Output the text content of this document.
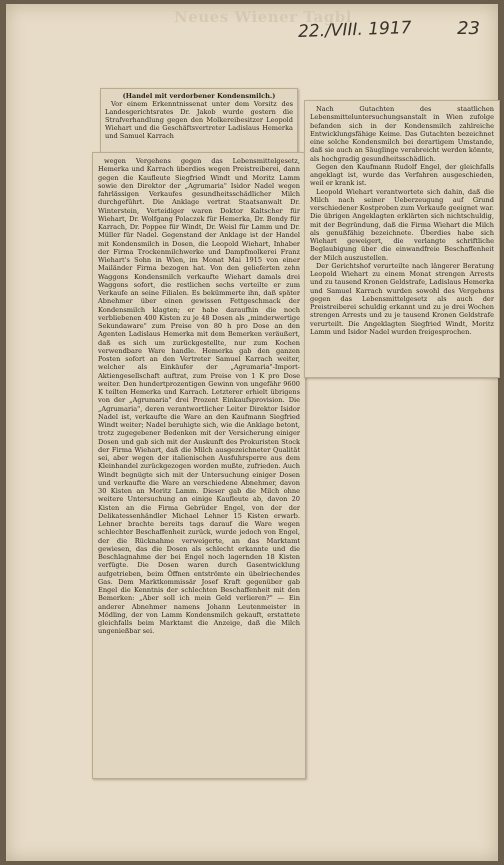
Neues Wiener Tagbl
22./VIII. 1917	23

(Handel mit verdorbener Kondensmilch.)

Vor einem Erkenntnissenat unter dem Vorsitz des Landesgerichtsrates Dr. Jakob wurde gestern die Strafverhandlung gegen den Molkereibesitzer Leopold Wiehart und die Geschäftsvertreter Ladislaus Hemerka und Samuel Karrach

wegen Vergehens gegen das Lebensmittelgesetz, Hemerka und Karrach überdies wegen Preistreiberei, dann gegen die Kaufleute Siegfried Windt und Moritz Lamm sowie den Direktor der „Agrumaria" Isidor Nadel wegen fahrlässigen Verkaufes gesundheitsschädlicher Milch durchgeführt. Die Anklage vertrat Staatsanwalt Dr. Winterstein, Verteidiger waren Doktor Kaltscher für Wiehart, Dr. Wolfgang Polaczek für Hemerka, Dr. Bondy für Karrach, Dr. Poppee für Windt, Dr. Weisl für Lamm und Dr. Müller für Nadel. Gegenstand der Anklage ist der Handel mit Kondensmilch in Dosen, die Leopold Wiehart, Inhaber der Firma Trockenmilchwerke und Dampfmolkerei Franz Wiehart's Sohn in Wien, im Monat Mai 1915 von einer Mailänder Firma bezogen hat. Von den gelieferten zehn Waggons Kondensmilch verkaufte Wiehart damals drei Waggons sofort, die restlichen sechs verteilte er zum Verkaufe an seine Filialen. Es bekümmerte ihn, daß später Abnehmer über einen gewissen Fettgeschmack der Kondensmilch klagten; er habe daraufhin die noch verbliebenen 400 Kisten zu je 48 Dosen als „minderwertige Sekundaware" zum Preise von 80 h pro Dose an den Agenten Ladislaus Hemerka mit dem Bemerken veräußert, daß es sich um zurückgestellte, nur zum Kochen verwendbare Ware handle. Hemerka gab den ganzen Posten sofort an den Vertreter Samuel Karrach weiter, welcher als Einkäufer der „Agrumaria"-Import-Aktiengesellschaft auftrat, zum Preise von 1 K pro Dose weiter. Den hundertprozentigen Gewinn von ungefähr 9600 K teilten Hemerka und Karrach. Letzterer erhielt übrigens von der „Agrumaria" drei Prozent Einkaufsprovision. Die „Agrumaria", deren verantwortlicher Leiter Direktor Isidor Nadel ist, verkaufte die Ware an den Kaufmann Siegfried Windt weiter; Nadel beruhigte sich, wie die Anklage betont, trotz zugegebener Bedenken mit der Versicherung einiger Dosen und gab sich mit der Auskunft des Prokuristen Stock der Firma Wiehart, daß die Milch ausgezeichneter Qualität sei, aber wegen der italienischen Ausfuhrsperre aus dem Kleinhandel zurückgezogen worden mußte, zufrieden. Auch Windt begnügte sich mit der Untersuchung einiger Dosen und verkaufte die Ware an verschiedene Abnehmer, davon 30 Kisten an Moritz Lamm. Dieser gab die Milch ohne weitere Untersuchung an einige Kaufleute ab, davon 20 Kisten an die Firma Gebrüder Engel, von der der Delikatessenhändler Michael Lehner 15 Kisten erwarb. Lehner brachte bereits tags darauf die Ware wegen schlechter Beschaffenheit zurück, wurde jedoch von Engel, der die Rücknahme verweigerte, an das Marktamt gewiesen, das die Dosen als schlecht erkannte und die Beschlagnahme der bei Engel noch lagernden 18 Kisten verfügte. Die Dosen waren durch Gasentwicklung aufgetrieben, beim Öffnen entströmte ein übelriechendes Gas. Dem Marktkommissär Josef Kraft gegenüber gab Engel die Kenntnis der schlechten Beschaffenheit mit den Bemerken: „Aber soll ich mein Geld verlieren?" — Ein anderer Abnehmer namens Johann Leutenmeister in Mödling, der von Lamm Kondensmilch gekauft, erstattete gleichfalls beim Marktamt die Anzeige, daß die Milch ungenießbar sei.

Nach Gutachten des staatlichen Lebensmitteluntersuchungsanstalt in Wien zufolge befanden sich in der Kondensmilch zahlreiche Entwicklungsfähige Keime. Das Gutachten bezeichnet eine solche Kondensmilch bei derartigem Umstande, daß sie auch an Säuglinge verabreicht werden könnte, als hochgradig gesundheitsschädlich.

Gegen den Kaufmann Rudolf Engel, der gleichfalls angeklagt ist, wurde das Verfahren ausgeschieden, weil er krank ist.

Leopold Wiehart verantwortete sich dahin, daß die Milch nach seiner Ueberzeugung auf Grund verschiedener Kostproben zum Verkaufe geeignet war. Die übrigen Angeklagten erklärten sich nichtschuldig, mit der Begründung, daß die Firma Wiehart die Milch als genußfähig bezeichnete. Überdies habe sich Wiehart geweigert, die verlangte schriftliche Beglaubigung über die einwandfreie Beschaffenheit der Milch auszustellen.

Der Gerichtshof verurteilte nach längerer Beratung Leopold Wiehart zu einem Monat strengen Arrests und zu tausend Kronen Geldstrafe, Ladislaus Hemerka und Samuel Karrach wurden sowohl des Vergehens gegen das Lebensmittelgesetz als auch der Preistreiberei schuldig erkannt und zu je drei Wochen strengen Arrests und zu je tausend Kronen Geldstrafe verurteilt. Die Angeklagten Siegfried Windt, Moritz Lamm und Isidor Nadel wurden freigesprochen.
